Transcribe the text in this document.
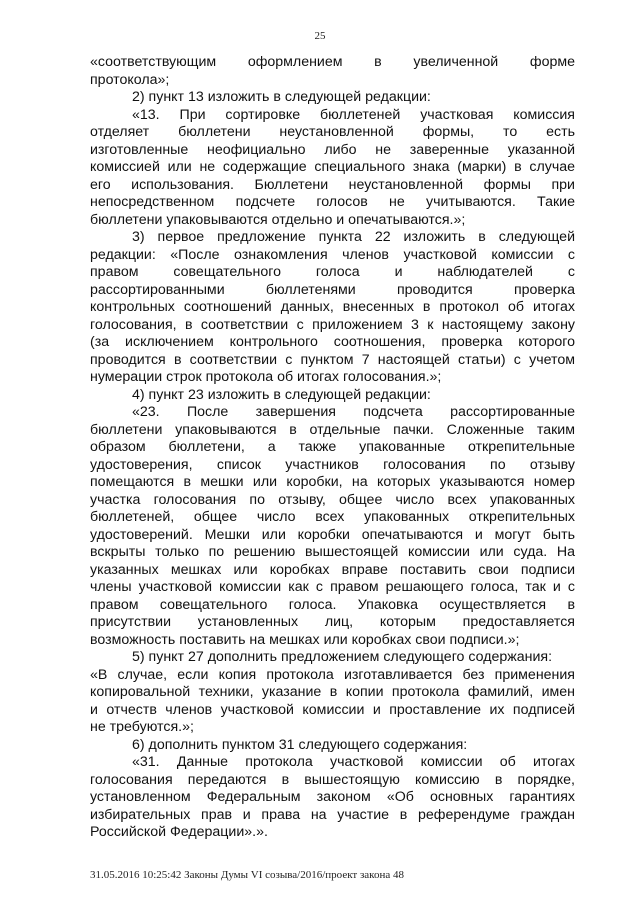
25
«соответствующим оформлением в увеличенной форме
протокола»;
2) пункт 13 изложить в следующей редакции:
«13. При сортировке бюллетеней участковая комиссия
отделяет бюллетени неустановленной формы, то есть
изготовленные неофициально либо не заверенные указанной
комиссией или не содержащие специального знака (марки) в случае
его использования. Бюллетени неустановленной формы при
непосредственном подсчете голосов не учитываются. Такие
бюллетени упаковываются отдельно и опечатываются.»;
3) первое предложение пункта 22 изложить в следующей
редакции: «После ознакомления членов участковой комиссии с
правом совещательного голоса и наблюдателей с
рассортированными бюллетенями проводится проверка
контрольных соотношений данных, внесенных в протокол об итогах
голосования, в соответствии с приложением 3 к настоящему закону
(за исключением контрольного соотношения, проверка которого
проводится в соответствии с пунктом 7 настоящей статьи) с учетом
нумерации строк протокола об итогах голосования.»;
4) пункт 23 изложить в следующей редакции:
«23. После завершения подсчета рассортированные
бюллетени упаковываются в отдельные пачки. Сложенные таким
образом бюллетени, а также упакованные открепительные
удостоверения, список участников голосования по отзыву
помещаются в мешки или коробки, на которых указываются номер
участка голосования по отзыву, общее число всех упакованных
бюллетеней, общее число всех упакованных открепительных
удостоверений. Мешки или коробки опечатываются и могут быть
вскрыты только по решению вышестоящей комиссии или суда. На
указанных мешках или коробках вправе поставить свои подписи
члены участковой комиссии как с правом решающего голоса, так и с
правом совещательного голоса. Упаковка осуществляется в
присутствии установленных лиц, которым предоставляется
возможность поставить на мешках или коробках свои подписи.»;
5) пункт 27 дополнить предложением следующего содержания:
«В случае, если копия протокола изготавливается без применения
копировальной техники, указание в копии протокола фамилий, имен
и отчеств членов участковой комиссии и проставление их подписей
не требуются.»;
6) дополнить пунктом 31 следующего содержания:
«31. Данные протокола участковой комиссии об итогах
голосования передаются в вышестоящую комиссию в порядке,
установленном Федеральным законом «Об основных гарантиях
избирательных прав и права на участие в референдуме граждан
Российской Федерации».».
31.05.2016 10:25:42 Законы Думы VI созыва/2016/проект закона 48
